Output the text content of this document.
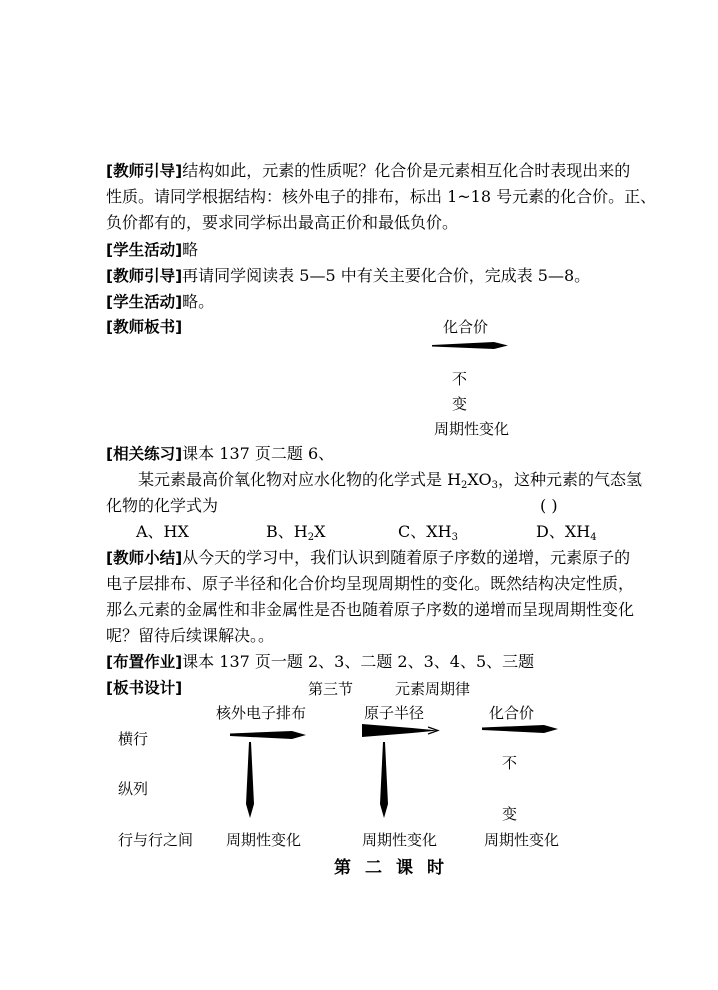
[教师引导]结构如此，元素的性质呢？化合价是元素相互化合时表现出来的
性质。请同学根据结构：核外电子的排布，标出 1~18 号元素的化合价。正、
负价都有的，要求同学标出最高正价和最低负价。
[学生活动]略
[教师引导]再请同学阅读表 5—5 中有关主要化合价，完成表 5—8。
[学生活动]略。
[教师板书]	化合价
不
变
周期性变化
[相关练习]课本 137 页二题 6、
某元素最高价氧化物对应水化物的化学式是 $H_2XO_3$，这种元素的气态氢
化物的化学式为	( )
A、HX	B、$H_2X$	C、$XH_3$	D、$XH_4$
[教师小结]从今天的学习中，我们认识到随着原子序数的递增，元素原子的
电子层排布、原子半径和化合价均呈现周期性的变化。既然结构决定性质，
那么元素的金属性和非金属性是否也随着原子序数的递增而呈现周期性变化
呢？留待后续课解决。。
[布置作业]课本 137 页一题 2、3、二题 2、3、4、5、三题
[板书设计]	第三节	元素周期律
核外电子排布	原子半径	化合价
横行
纵列
行与行之间
不
变
周期性变化	周期性变化	周期性变化
第二课时
